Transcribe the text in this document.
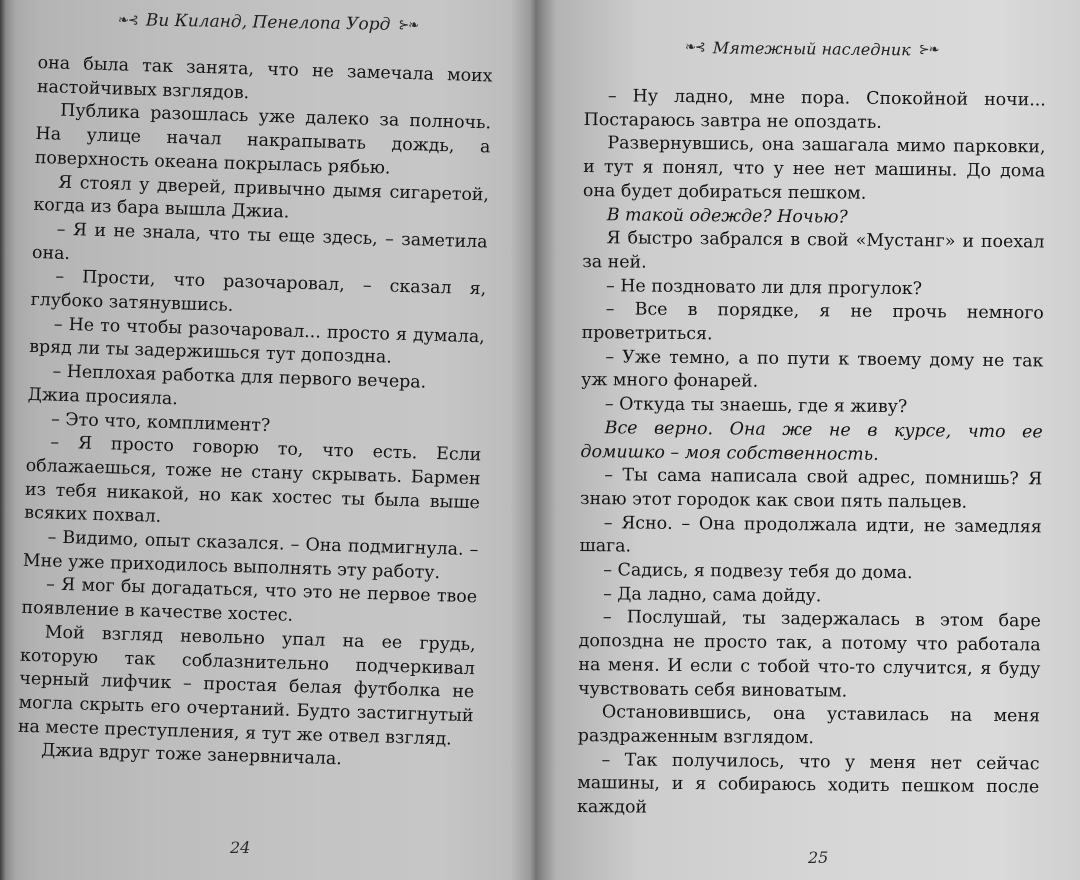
❧⊰ Ви Киланд, Пенелопа Уорд ⊱❧

она была так занята, что не замечала моих настойчивых взглядов.

Публика разошлась уже далеко за полночь. На улице начал накрапывать дождь, а поверхность океана покрылась рябью.

Я стоял у дверей, привычно дымя сигаретой, когда из бара вышла Джиа.

– Я и не знала, что ты еще здесь, – заметила она.

– Прости, что разочаровал, – сказал я, глубоко затянувшись.

– Не то чтобы разочаровал... просто я думала, вряд ли ты задержишься тут допоздна.

– Неплохая работка для первого вечера.

Джиа просияла.

– Это что, комплимент?

– Я просто говорю то, что есть. Если облажаешься, тоже не стану скрывать. Бармен из тебя никакой, но как хостес ты была выше всяких похвал.

– Видимо, опыт сказался. – Она подмигнула. – Мне уже приходилось выполнять эту работу.

– Я мог бы догадаться, что это не первое твое появление в качестве хостес.

Мой взгляд невольно упал на ее грудь, которую так соблазнительно подчеркивал черный лифчик – простая белая футболка не могла скрыть его очертаний. Будто застигнутый на месте преступления, я тут же отвел взгляд.

Джиа вдруг тоже занервничала.

24
❧⊰ Мятежный наследник ⊱❧

– Ну ладно, мне пора. Спокойной ночи... Постараюсь завтра не опоздать.

Развернувшись, она зашагала мимо парковки, и тут я понял, что у нее нет машины. До дома она будет добираться пешком.

В такой одежде? Ночью?

Я быстро забрался в свой «Мустанг» и поехал за ней.

– Не поздновато ли для прогулок?

– Все в порядке, я не прочь немного проветриться.

– Уже темно, а по пути к твоему дому не так уж много фонарей.

– Откуда ты знаешь, где я живу?

Все верно. Она же не в курсе, что ее домишко – моя собственность.

– Ты сама написала свой адрес, помнишь? Я знаю этот городок как свои пять пальцев.

– Ясно. – Она продолжала идти, не замедляя шага.

– Садись, я подвезу тебя до дома.

– Да ладно, сама дойду.

– Послушай, ты задержалась в этом баре допоздна не просто так, а потому что работала на меня. И если с тобой что-то случится, я буду чувствовать себя виноватым.

Остановившись, она уставилась на меня раздраженным взглядом.

– Так получилось, что у меня нет сейчас машины, и я собираюсь ходить пешком после каждой

25
